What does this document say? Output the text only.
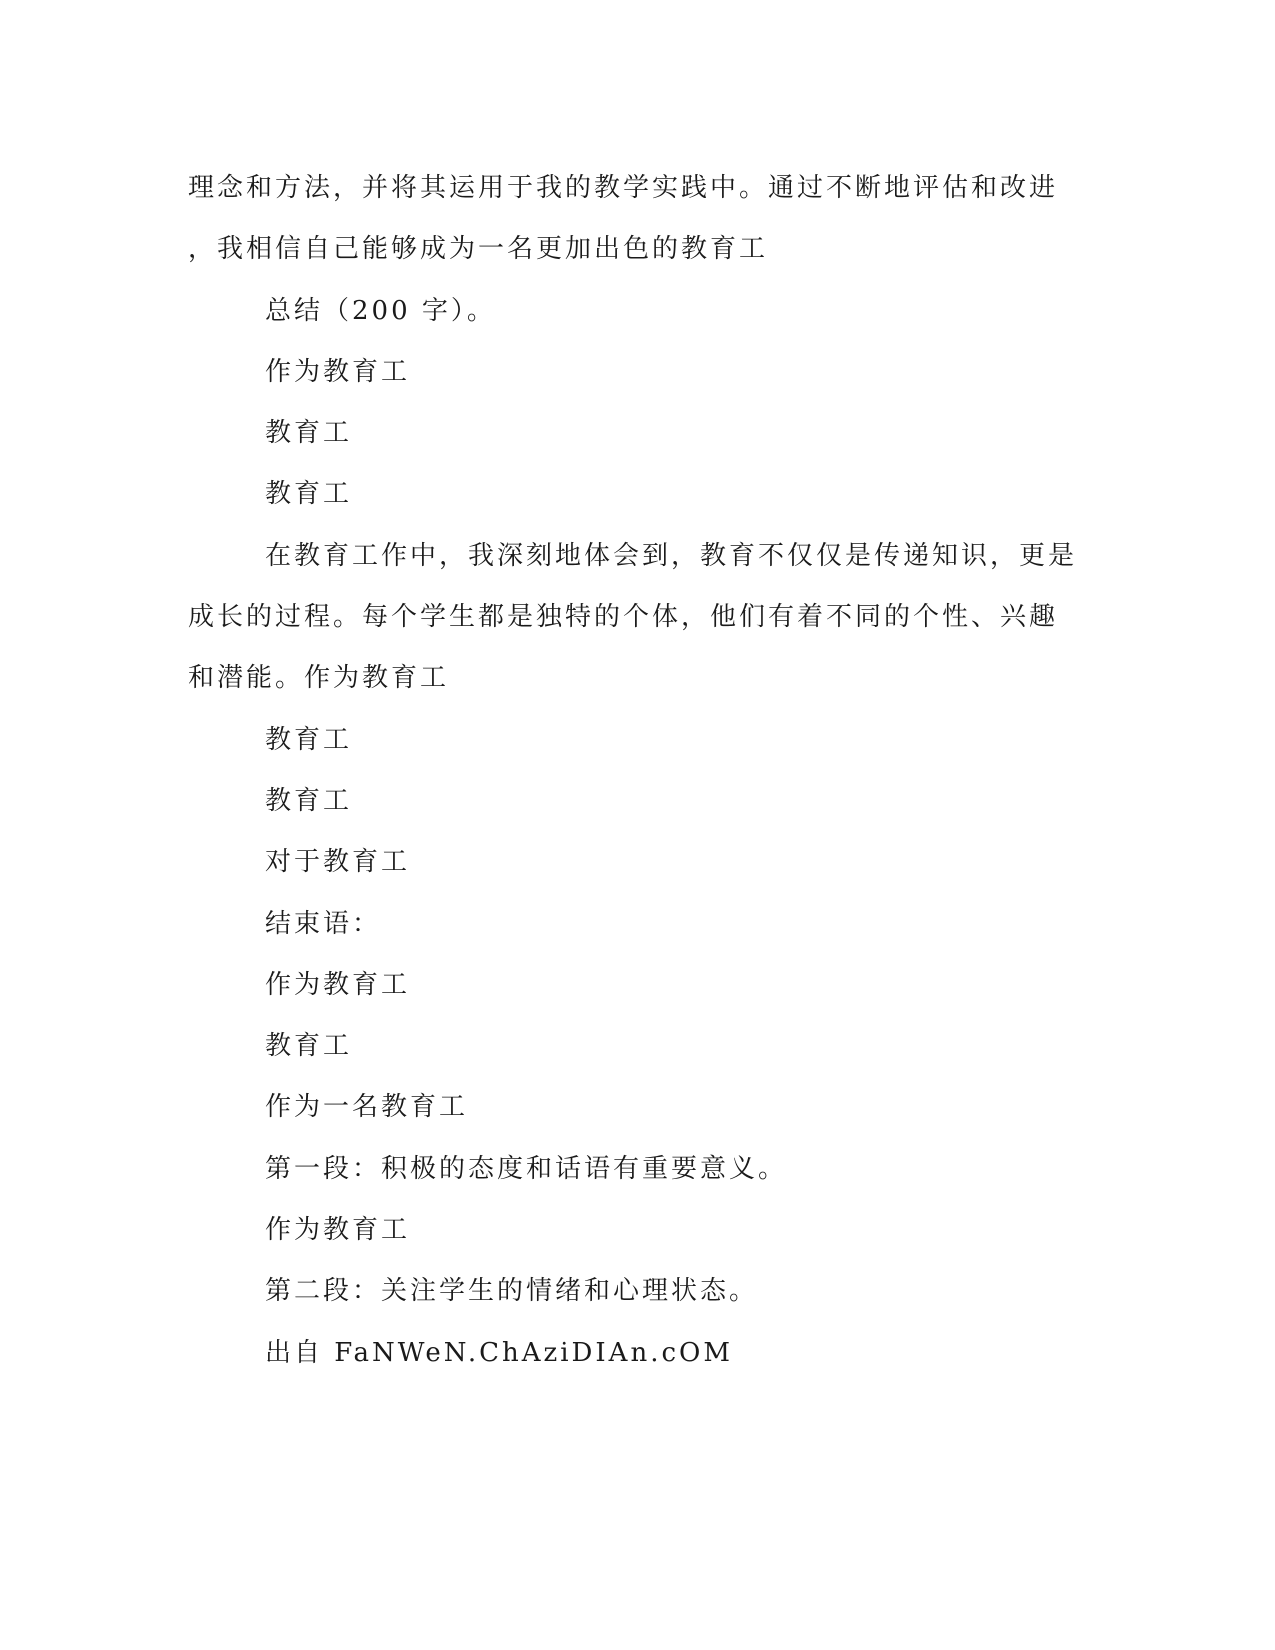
理念和方法，并将其运用于我的教学实践中。通过不断地评估和改进
，我相信自己能够成为一名更加出色的教育工
总结（200 字）。
作为教育工
教育工
教育工
在教育工作中，我深刻地体会到，教育不仅仅是传递知识，更是
成长的过程。每个学生都是独特的个体，他们有着不同的个性、兴趣
和潜能。作为教育工
教育工
教育工
对于教育工
结束语：
作为教育工
教育工
作为一名教育工
第一段：积极的态度和话语有重要意义。
作为教育工
第二段：关注学生的情绪和心理状态。
出自 FaNWeN.ChAziDIAn.cOM
